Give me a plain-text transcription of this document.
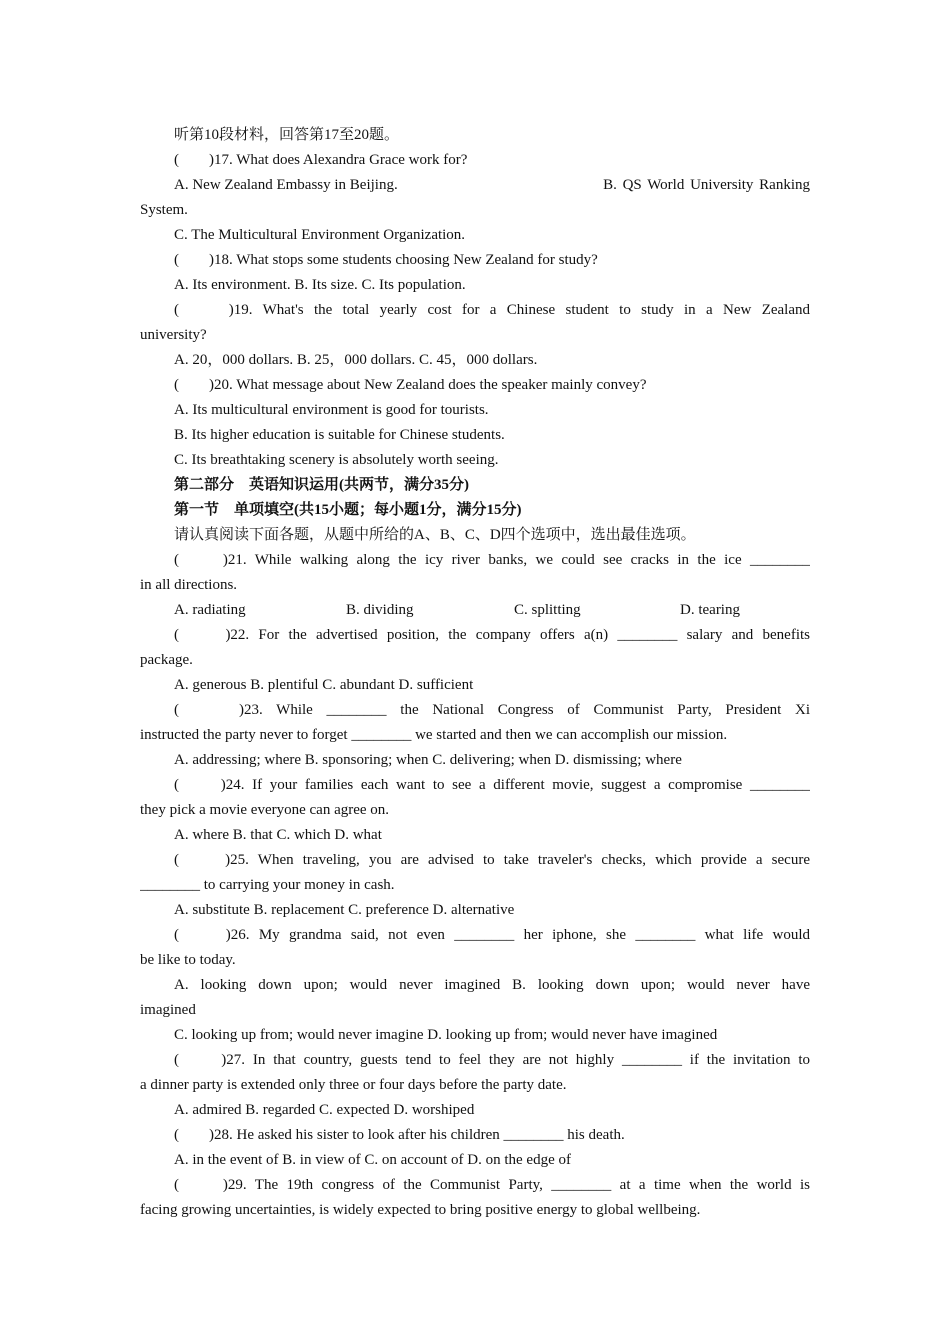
听第10段材料，回答第17至20题。
(　　)17. What does Alexandra Grace work for?
A. New Zealand Embassy in Beijing.	B. QS World University Ranking
System.
C. The Multicultural Environment Organization.
(　　)18. What stops some students choosing New Zealand for study?
A. Its environment. B. Its size. C. Its population.
(　　)19. What's the total yearly cost for a Chinese student to study in a New Zealand
university?
A. 20，000 dollars. B. 25，000 dollars. C. 45，000 dollars.
(　　)20. What message about New Zealand does the speaker mainly convey?
A. Its multicultural environment is good for tourists.
B. Its higher education is suitable for Chinese students.
C. Its breathtaking scenery is absolutely worth seeing.
第二部分　英语知识运用(共两节，满分35分)
第一节　单项填空(共15小题；每小题1分，满分15分)
请认真阅读下面各题，从题中所给的A、B、C、D四个选项中，选出最佳选项。
(　　)21. While walking along the icy river banks, we could see cracks in the ice ________
in all directions.
A. radiating	B. dividing	C. splitting	D. tearing
(　　)22. For the advertised position, the company offers a(n) ________ salary and benefits
package.
A. generous B. plentiful C. abundant D. sufficient
(　　)23. While ________ the National Congress of Communist Party, President Xi
instructed the party never to forget ________ we started and then we can accomplish our mission.
A. addressing; where B. sponsoring; when C. delivering; when D. dismissing; where
(　　)24. If your families each want to see a different movie, suggest a compromise ________
they pick a movie everyone can agree on.
A. where B. that C. which D. what
(　　)25. When traveling, you are advised to take traveler's checks, which provide a secure
________ to carrying your money in cash.
A. substitute B. replacement C. preference D. alternative
(　　)26. My grandma said, not even ________ her iphone, she ________ what life would
be like to today.
A. looking down upon; would never imagined B. looking down upon; would never have
imagined
C. looking up from; would never imagine D. looking up from; would never have imagined
(　　)27. In that country, guests tend to feel they are not highly ________ if the invitation to
a dinner party is extended only three or four days before the party date.
A. admired B. regarded C. expected D. worshiped
(　　)28. He asked his sister to look after his children ________ his death.
A. in the event of B. in view of C. on account of D. on the edge of
(　　)29. The 19th congress of the Communist Party, ________ at a time when the world is
facing growing uncertainties, is widely expected to bring positive energy to global wellbeing.
